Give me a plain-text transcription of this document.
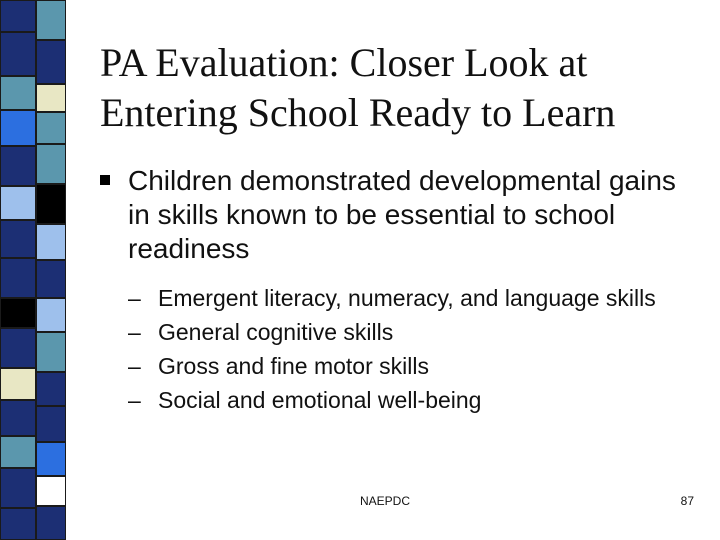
PA Evaluation: Closer Look at Entering School Ready to Learn
Children demonstrated developmental gains in skills known to be essential to school readiness
– Emergent literacy, numeracy, and language skills
– General cognitive skills
– Gross and fine motor skills
– Social and emotional well-being
NAEPDC	87
